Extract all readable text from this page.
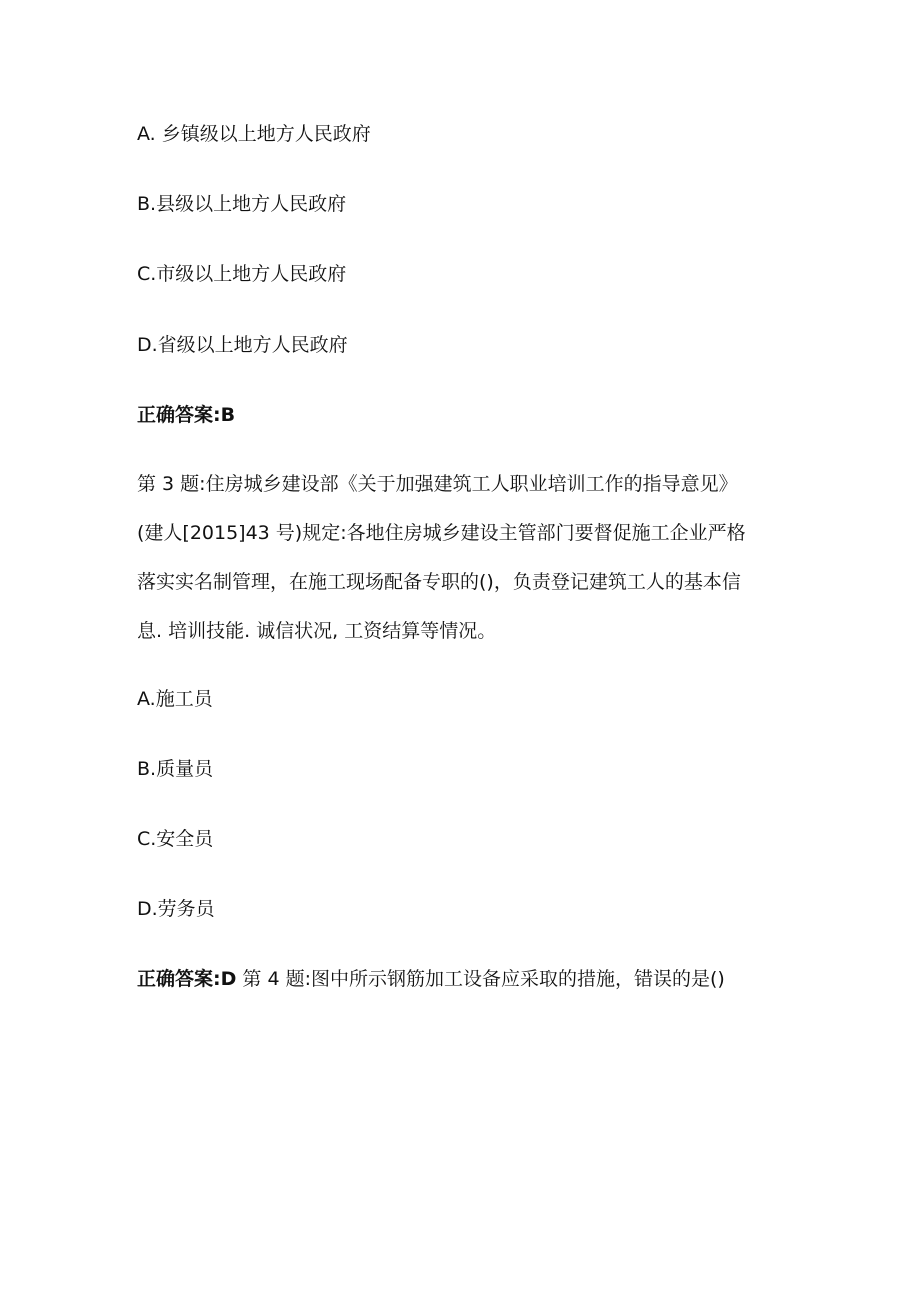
A. 乡镇级以上地方人民政府
B.县级以上地方人民政府
C.市级以上地方人民政府
D.省级以上地方人民政府
正确答案:B
第 3 题:住房城乡建设部《关于加强建筑工人职业培训工作的指导意见》
(建人[2015]43 号)规定:各地住房城乡建设主管部门要督促施工企业严格
落实实名制管理，在施工现场配备专职的()，负责登记建筑工人的基本信
息. 培训技能. 诚信状况, 工资结算等情况。
A.施工员
B.质量员
C.安全员
D.劳务员
正确答案:D 第 4 题:图中所示钢筋加工设备应采取的措施，错误的是()
